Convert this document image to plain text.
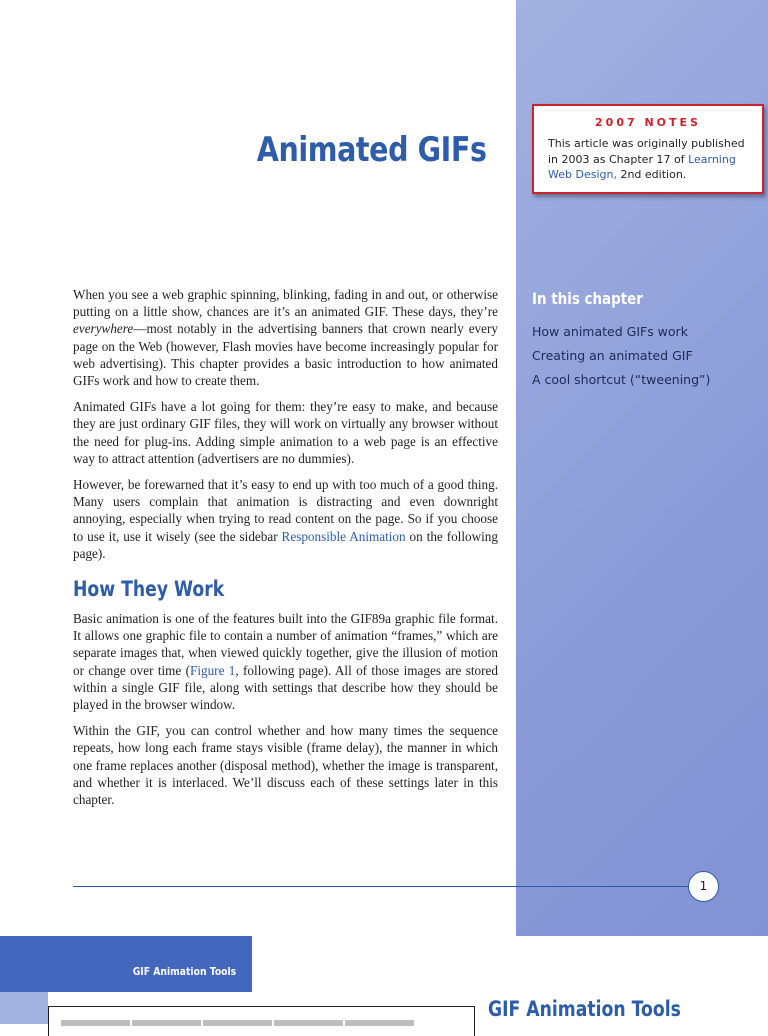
2007 NOTES
This article was originally published in 2003 as Chapter 17 of Learning Web Design, 2nd edition.
Animated GIFs
In this chapter
How animated GIFs work
Creating an animated GIF
A cool shortcut (“tweening”)

When you see a web graphic spinning, blinking, fading in and out, or otherwise putting on a little show, chances are it’s an animated GIF. These days, they’re everywhere—most notably in the advertising banners that crown nearly every page on the Web (however, Flash movies have become increasingly popular for web advertising). This chapter provides a basic introduction to how animated GIFs work and how to create them.

Animated GIFs have a lot going for them: they’re easy to make, and because they are just ordinary GIF files, they will work on virtually any browser without the need for plug-ins. Adding simple animation to a web page is an effective way to attract attention (advertisers are no dummies).

However, be forewarned that it’s easy to end up with too much of a good thing. Many users complain that animation is distracting and even downright annoying, especially when trying to read content on the page. So if you choose to use it, use it wisely (see the sidebar Responsible Animation on the following page).

How They Work

Basic animation is one of the features built into the GIF89a graphic file format. It allows one graphic file to contain a number of animation “frames,” which are separate images that, when viewed quickly together, give the illusion of motion or change over time (Figure 1, following page). All of those images are stored within a single GIF file, along with settings that describe how they should be played in the browser window.

Within the GIF, you can control whether and how many times the sequence repeats, how long each frame stays visible (frame delay), the manner in which one frame replaces another (disposal method), whether the image is transparent, and whether it is interlaced. We’ll discuss each of these settings later in this chapter.

1
GIF Animation Tools
GIF Animation Tools
